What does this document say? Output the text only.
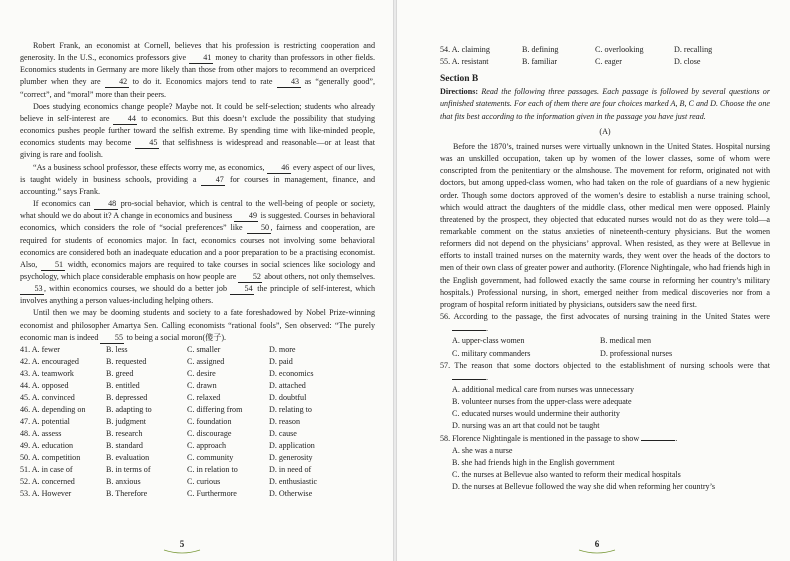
Robert Frank, an economist at Cornell, believes that his profession is restricting cooperation and generosity. In the U.S., economics professors give 41 money to charity than professors in other fields. Economics students in Germany are more likely than those from other majors to recommend an overpriced plumber when they are 42 to do it. Economics majors tend to rate 43 as “generally good”, “correct”, and “moral” more than their peers.

Does studying economics change people? Maybe not. It could be self-selection; students who already believe in self-interest are 44 to economics. But this doesn’t exclude the possibility that studying economics pushes people further toward the selfish extreme. By spending time with like-minded people, economics students may become 45 that selfishness is widespread and reasonable—or at least that giving is rare and foolish.

“As a business school professor, these effects worry me, as economics, 46 every aspect of our lives, is taught widely in business schools, providing a 47 for courses in management, finance, and accounting.” says Frank.

If economics can 48 pro-social behavior, which is central to the well-being of people or society, what should we do about it? A change in economics and business 49 is suggested. Courses in behavioral economics, which considers the role of “social preferences” like 50, fairness and cooperation, are required for students of economics major. In fact, economics courses not involving some behavioral economics are considered both an inadequate education and a poor preparation to be a practising economist. Also, 51 width, economics majors are required to take courses in social sciences like sociology and psychology, which place considerable emphasis on how people are 52 about others, not only themselves. 53, within economics courses, we should do a better job 54 the principle of self-interest, which involves anything a person values-including helping others.

Until then we may be dooming students and society to a fate foreshadowed by Nobel Prize-winning economist and philosopher Amartya Sen. Calling economists “rational fools”, Sen observed: “The purely economic man is indeed 55 to being a social moron(傻子).

41. A. fewer	B. less	C. smaller	D. more
42. A. encouraged	B. requested	C. assigned	D. paid
43. A. teamwork	B. greed	C. desire	D. economics
44. A. opposed	B. entitled	C. drawn	D. attached
45. A. convinced	B. depressed	C. relaxed	D. doubtful
46. A. depending on	B. adapting to	C. differing from	D. relating to
47. A. potential	B. judgment	C. foundation	D. reason
48. A. assess	B. research	C. discourage	D. cause
49. A. education	B. standard	C. approach	D. application
50. A. competition	B. evaluation	C. community	D. generosity
51. A. in case of	B. in terms of	C. in relation to	D. in need of
52. A. concerned	B. anxious	C. curious	D. enthusiastic
53. A. However	B. Therefore	C. Furthermore	D. Otherwise
5
54. A. claiming	B. defining	C. overlooking	D. recalling
55. A. resistant	B. familiar	C. eager	D. close
Section B

Directions: Read the following three passages. Each passage is followed by several questions or unfinished statements. For each of them there are four choices marked A, B, C and D. Choose the one that fits best according to the information given in the passage you have just read.

(A)

Before the 1870’s, trained nurses were virtually unknown in the United States. Hospital nursing was an unskilled occupation, taken up by women of the lower classes, some of whom were conscripted from the penitentiary or the almshouse. The movement for reform, originated not with doctors, but among upped-class women, who had taken on the role of guardians of a new hygienic order. Though some doctors approved of the women’s desire to establish a nurse training school, which would attract the daughters of the middle class, other medical men were opposed. Plainly threatened by the prospect, they objected that educated nurses would not do as they were told—a remarkable comment on the status anxieties of nineteenth-century physicians. But the women reformers did not depend on the physicians’ approval. When resisted, as they were at Bellevue in efforts to install trained nurses on the maternity wards, they went over the heads of the doctors to men of their own class of greater power and authority. (Florence Nightingale, who had friends high in the English government, had followed exactly the same course in reforming her country’s military hospitals.) Professional nursing, in short, emerged neither from medical discoveries nor from a program of hospital reform initiated by physicians, outsiders saw the need first.

56. According to the passage, the first advocates of nursing training in the United States were .

A. upper-class women	B. medical men
C. military commanders	D. professional nurses

57. The reason that some doctors objected to the establishment of nursing schools were that .

A. additional medical care from nurses was unnecessary
B. volunteer nurses from the upper-class were adequate
C. educated nurses would undermine their authority
D. nursing was an art that could not be taught

58. Florence Nightingale is mentioned in the passage to show	.

A. she was a nurse
B. she had friends high in the English government
C. the nurses at Bellevue also wanted to reform their medical hospitals
D. the nurses at Bellevue followed the way she did when reforming her country’s
6
